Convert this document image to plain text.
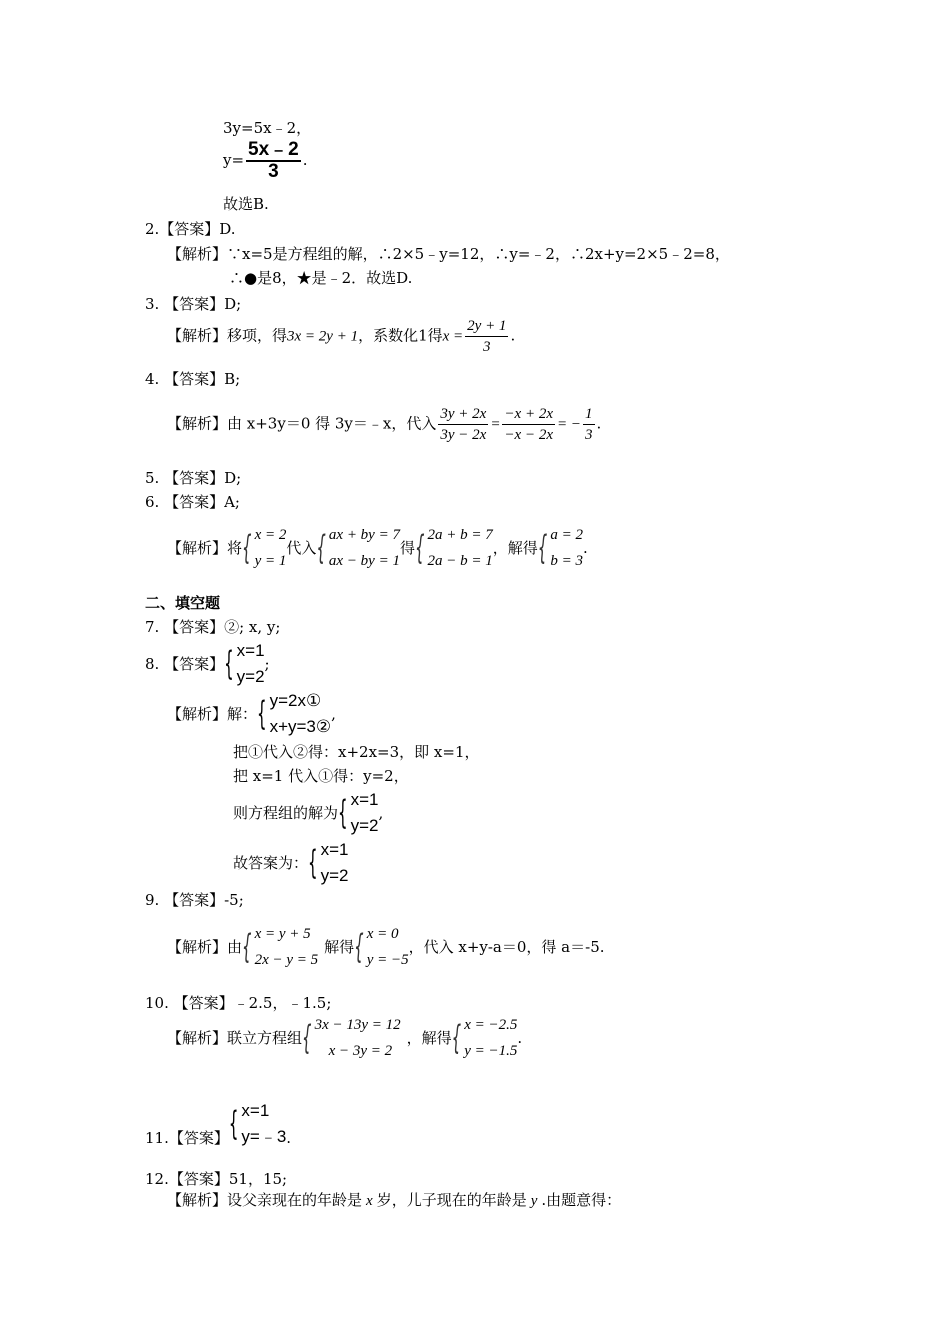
3y=5x﹣2，
$y= \frac{5x﹣2}{3}$ .
故选B.
2.【答案】D.
【解析】∵x=5是方程组的解，∴2×5﹣y=12，∴y=﹣2，∴2x+y=2×5﹣2=8，
∴●是8，★是﹣2．故选D.
3. 【答案】D;
【解析】移项，得3x = 2y + 1，系数化1得$x = \frac{2y + 1}{3}$ .
4. 【答案】B;
【解析】由 x+3y＝0 得 3y＝﹣x，代入 $\frac{3y + 2x}{3y - 2x} = \frac{-x + 2x}{-x - 2x}$ = − $\frac{1}{3}$ .
5. 【答案】D;
6. 【答案】A;
【解析】将 { x = 2
y = 1
代入 { ax + by = 7
ax − by = 1
得 { 2a + b = 7
2a − b = 1
，解得 { a = 2
b = 3
.
二、填空题
7. 【答案】②; x, y;
8. 【答案】 { x=1
y=2
;
【解析】解： { y=2x①
x+y=3②
,
把①代入②得：x+2x=3，即 x=1，
把 x=1 代入①得：y=2，
则方程组的解为 { x=1
y=2
,
故答案为： { x=1
y=2
9. 【答案】-5;
【解析】由 { x = y + 5
2x − y = 5
解得 { x = 0
y = −5
，代入 x+y-a＝0，得 a＝-5.
10. 【答案】﹣2.5，﹣1.5;
【解析】联立方程组 { 3x − 13y = 12
x − 3y = 2
，解得 { x = −2.5
y = −1.5
.
11.【答案】 { x=1
y=﹣3 .
12.【答案】51，15;
【解析】设父亲现在的年龄是 x 岁，儿子现在的年龄是 y .由题意得：
